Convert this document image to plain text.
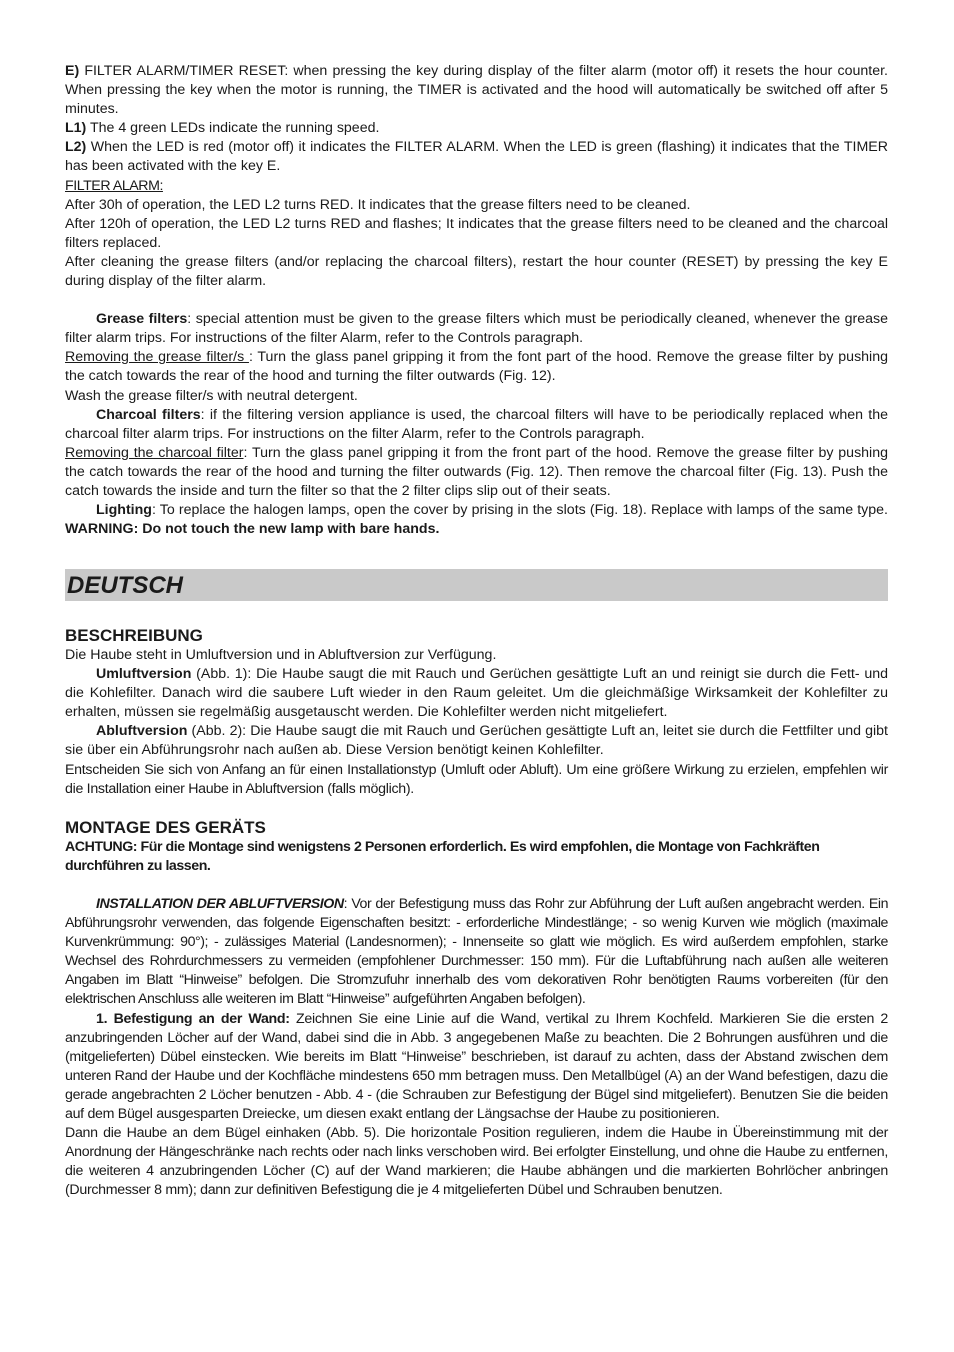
E) FILTER ALARM/TIMER RESET: when pressing the key during display of the filter alarm (motor off) it resets the hour counter. When pressing the key when the motor is running, the TIMER is activated and the hood will automatically be switched off after 5 minutes.

L1) The 4 green LEDs indicate the running speed.

L2) When the LED is red (motor off) it indicates the FILTER ALARM. When the LED is green (flashing) it indicates that the TIMER has been activated with the key E.

FILTER ALARM:

After 30h of operation, the LED L2 turns RED. It indicates that the grease filters need to be cleaned.

After 120h of operation, the LED L2 turns RED and flashes; It indicates that the grease filters need to be cleaned and the charcoal filters replaced.

After cleaning the grease filters (and/or replacing the charcoal filters), restart the hour counter (RESET) by pressing the key E during display of the filter alarm.

Grease filters: special attention must be given to the grease filters which must be periodically cleaned, whenever the grease filter alarm trips. For instructions of the filter Alarm, refer to the Controls paragraph.

Removing the grease filter/s : Turn the glass panel gripping it from the font part of the hood. Remove the grease filter by pushing the catch towards the rear of the hood and turning the filter outwards (Fig. 12).

Wash the grease filter/s with neutral detergent.

Charcoal filters: if the filtering version appliance is used, the charcoal filters will have to be periodically replaced when the charcoal filter alarm trips. For instructions on the filter Alarm, refer to the Controls paragraph.

Removing the charcoal filter: Turn the glass panel gripping it from the front part of the hood. Remove the grease filter by pushing the catch towards the rear of the hood and turning the filter outwards (Fig. 12). Then remove the charcoal filter (Fig. 13). Push the catch towards the inside and turn the filter so that the 2 filter clips slip out of their seats.

Lighting: To replace the halogen lamps, open the cover by prising in the slots (Fig. 18). Replace with lamps of the same type. WARNING: Do not touch the new lamp with bare hands.

DEUTSCH

BESCHREIBUNG

Die Haube steht in Umluftversion und in Abluftversion zur Verfügung.

Umluftversion (Abb. 1): Die Haube saugt die mit Rauch und Gerüchen gesättigte Luft an und reinigt sie durch die Fett- und die Kohlefilter. Danach wird die saubere Luft wieder in den Raum geleitet. Um die gleichmäßige Wirksamkeit der Kohlefilter zu erhalten, müssen sie regelmäßig ausgetauscht werden. Die Kohlefilter werden nicht mitgeliefert.

Abluftversion (Abb. 2): Die Haube saugt die mit Rauch und Gerüchen gesättigte Luft an, leitet sie durch die Fettfilter und gibt sie über ein Abführungsrohr nach außen ab. Diese Version benötigt keinen Kohlefilter.

Entscheiden Sie sich von Anfang an für einen Installationstyp (Umluft oder Abluft). Um eine größere Wirkung zu erzielen, empfehlen wir die Installation einer Haube in Abluftversion (falls möglich).

MONTAGE DES GERÄTS

ACHTUNG: Für die Montage sind wenigstens 2 Personen erforderlich. Es wird empfohlen, die Montage von Fachkräften durchführen zu lassen.

INSTALLATION DER ABLUFTVERSION: Vor der Befestigung muss das Rohr zur Abführung der Luft außen angebracht werden. Ein Abführungsrohr verwenden, das folgende Eigenschaften besitzt: - erforderliche Mindestlänge; - so wenig Kurven wie möglich (maximale Kurvenkrümmung: 90°); - zulässiges Material (Landesnormen); - Innenseite so glatt wie möglich. Es wird außerdem empfohlen, starke Wechsel des Rohrdurchmessers zu vermeiden (empfohlener Durchmesser: 150 mm). Für die Luftabführung nach außen alle weiteren Angaben im Blatt “Hinweise” befolgen. Die Stromzufuhr innerhalb des vom dekorativen Rohr benötigten Raums vorbereiten (für den elektrischen Anschluss alle weiteren im Blatt “Hinweise” aufgeführten Angaben befolgen).

1. Befestigung an der Wand: Zeichnen Sie eine Linie auf die Wand, vertikal zu Ihrem Kochfeld. Markieren Sie die ersten 2 anzubringenden Löcher auf der Wand, dabei sind die in Abb. 3 angegebenen Maße zu beachten. Die 2 Bohrungen ausführen und die (mitgelieferten) Dübel einstecken. Wie bereits im Blatt “Hinweise” beschrieben, ist darauf zu achten, dass der Abstand zwischen dem unteren Rand der Haube und der Kochfläche mindestens 650 mm betragen muss. Den Metallbügel (A) an der Wand befestigen, dazu die gerade angebrachten 2 Löcher benutzen - Abb. 4 - (die Schrauben zur Befestigung der Bügel sind mitgeliefert). Benutzen Sie die beiden auf dem Bügel ausgesparten Dreiecke, um diesen exakt entlang der Längsachse der Haube zu positionieren.

Dann die Haube an dem Bügel einhaken (Abb. 5). Die horizontale Position regulieren, indem die Haube in Übereinstimmung mit der Anordnung der Hängeschränke nach rechts oder nach links verschoben wird. Bei erfolgter Einstellung, und ohne die Haube zu entfernen, die weiteren 4 anzubringenden Löcher (C) auf der Wand markieren; die Haube abhängen und die markierten Bohrlöcher anbringen (Durchmesser 8 mm); dann zur definitiven Befestigung die je 4 mitgelieferten Dübel und Schrauben benutzen.
